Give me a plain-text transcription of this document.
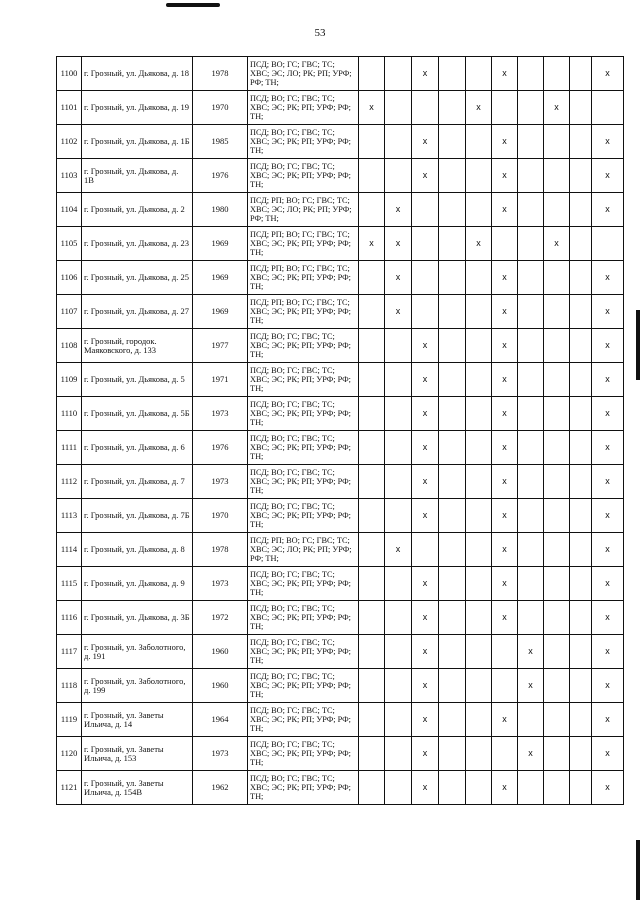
53
1100	г. Грозный, ул. Дьякова, д. 18	1978	ПСД; ВО; ГС; ГВС; ТС; ХВС; ЭС; ЛО; РК; РП; УРФ; РФ; ТН;			x			x				x
1101	г. Грозный, ул. Дьякова, д. 19	1970	ПСД; ВО; ГС; ГВС; ТС; ХВС; ЭС; РК; РП; УРФ; РФ; ТН;	x				x			x		
1102	г. Грозный, ул. Дьякова, д. 1Б	1985	ПСД; ВО; ГС; ГВС; ТС; ХВС; ЭС; РК; РП; УРФ; РФ; ТН;			x			x				x
1103	г. Грозный, ул. Дьякова, д. 1В	1976	ПСД; ВО; ГС; ГВС; ТС; ХВС; ЭС; РК; РП; УРФ; РФ; ТН;			x			x				x
1104	г. Грозный, ул. Дьякова, д. 2	1980	ПСД; РП; ВО; ГС; ГВС; ТС; ХВС; ЭС; ЛО; РК; РП; УРФ; РФ; ТН;		x				x				x
1105	г. Грозный, ул. Дьякова, д. 23	1969	ПСД; РП; ВО; ГС; ГВС; ТС; ХВС; ЭС; РК; РП; УРФ; РФ; ТН;	x	x			x			x		
1106	г. Грозный, ул. Дьякова, д. 25	1969	ПСД; РП; ВО; ГС; ГВС; ТС; ХВС; ЭС; РК; РП; УРФ; РФ; ТН;		x				x				x
1107	г. Грозный, ул. Дьякова, д. 27	1969	ПСД; РП; ВО; ГС; ГВС; ТС; ХВС; ЭС; РК; РП; УРФ; РФ; ТН;		x				x				x
1108	г. Грозный, городок. Маяковского, д. 133	1977	ПСД; ВО; ГС; ГВС; ТС; ХВС; ЭС; РК; РП; УРФ; РФ; ТН;			x			x				x
1109	г. Грозный, ул. Дьякова, д. 5	1971	ПСД; ВО; ГС; ГВС; ТС; ХВС; ЭС; РК; РП; УРФ; РФ; ТН;			x			x				x
1110	г. Грозный, ул. Дьякова, д. 5Б	1973	ПСД; ВО; ГС; ГВС; ТС; ХВС; ЭС; РК; РП; УРФ; РФ; ТН;			x			x				x
1111	г. Грозный, ул. Дьякова, д. 6	1976	ПСД; ВО; ГС; ГВС; ТС; ХВС; ЭС; РК; РП; УРФ; РФ; ТН;			x			x				x
1112	г. Грозный, ул. Дьякова, д. 7	1973	ПСД; ВО; ГС; ГВС; ТС; ХВС; ЭС; РК; РП; УРФ; РФ; ТН;			x			x				x
1113	г. Грозный, ул. Дьякова, д. 7Б	1970	ПСД; ВО; ГС; ГВС; ТС; ХВС; ЭС; РК; РП; УРФ; РФ; ТН;			x			x				x
1114	г. Грозный, ул. Дьякова, д. 8	1978	ПСД; РП; ВО; ГС; ГВС; ТС; ХВС; ЭС; ЛО; РК; РП; УРФ; РФ; ТН;		x				x				x
1115	г. Грозный, ул. Дьякова, д. 9	1973	ПСД; ВО; ГС; ГВС; ТС; ХВС; ЭС; РК; РП; УРФ; РФ; ТН;			x			x				x
1116	г. Грозный, ул. Дьякова, д. 3Б	1972	ПСД; ВО; ГС; ГВС; ТС; ХВС; ЭС; РК; РП; УРФ; РФ; ТН;			x			x				x
1117	г. Грозный, ул. Заболотного, д. 191	1960	ПСД; ВО; ГС; ГВС; ТС; ХВС; ЭС; РК; РП; УРФ; РФ; ТН;			x				x			x
1118	г. Грозный, ул. Заболотного, д. 199	1960	ПСД; ВО; ГС; ГВС; ТС; ХВС; ЭС; РК; РП; УРФ; РФ; ТН;			x				x			x
1119	г. Грозный, ул. Заветы Ильича, д. 14	1964	ПСД; ВО; ГС; ГВС; ТС; ХВС; ЭС; РК; РП; УРФ; РФ; ТН;			x			x				x
1120	г. Грозный, ул. Заветы Ильича, д. 153	1973	ПСД; ВО; ГС; ГВС; ТС; ХВС; ЭС; РК; РП; УРФ; РФ; ТН;			x				x			x
1121	г. Грозный, ул. Заветы Ильича, д. 154В	1962	ПСД; ВО; ГС; ГВС; ТС; ХВС; ЭС; РК; РП; УРФ; РФ; ТН;			x			x				x
